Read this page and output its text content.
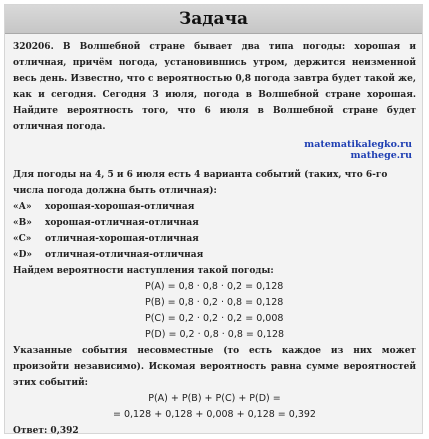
Задача

320206. В Волшебной стране бывает два типа погоды: хорошая и отличная, причём погода, установившись утром, держится неизменной весь день. Известно, что с вероятностью 0,8 погода завтра будет такой же, как и сегодня. Сегодня 3 июля, погода в Волшебной стране хорошая. Найдите вероятность того, что 6 июля в Волшебной стране будет отличная погода.

matematikalegko.ru
mathege.ru

Для погоды на 4, 5 и 6 июля есть 4 варианта событий (таких, что 6-го числа погода должна быть отличная):

«А» хорошая-хорошая-отличная

«В» хорошая-отличная-отличная

«С» отличная-хорошая-отличная

«D» отличная-отличная-отличная

Найдем вероятности наступления такой погоды:

P(A) = 0,8 · 0,8 · 0,2 = 0,128

P(B) = 0,8 · 0,2 · 0,8 = 0,128

P(C) = 0,2 · 0,2 · 0,2 = 0,008

P(D) = 0,2 · 0,8 · 0,8 = 0,128

Указанные события несовместные (то есть каждое из них может произойти независимо). Искомая вероятность равна сумме вероятностей этих событий:

P(A) + P(B) + P(C) + P(D) =

= 0,128 + 0,128 + 0,008 + 0,128 = 0,392

Ответ: 0,392
